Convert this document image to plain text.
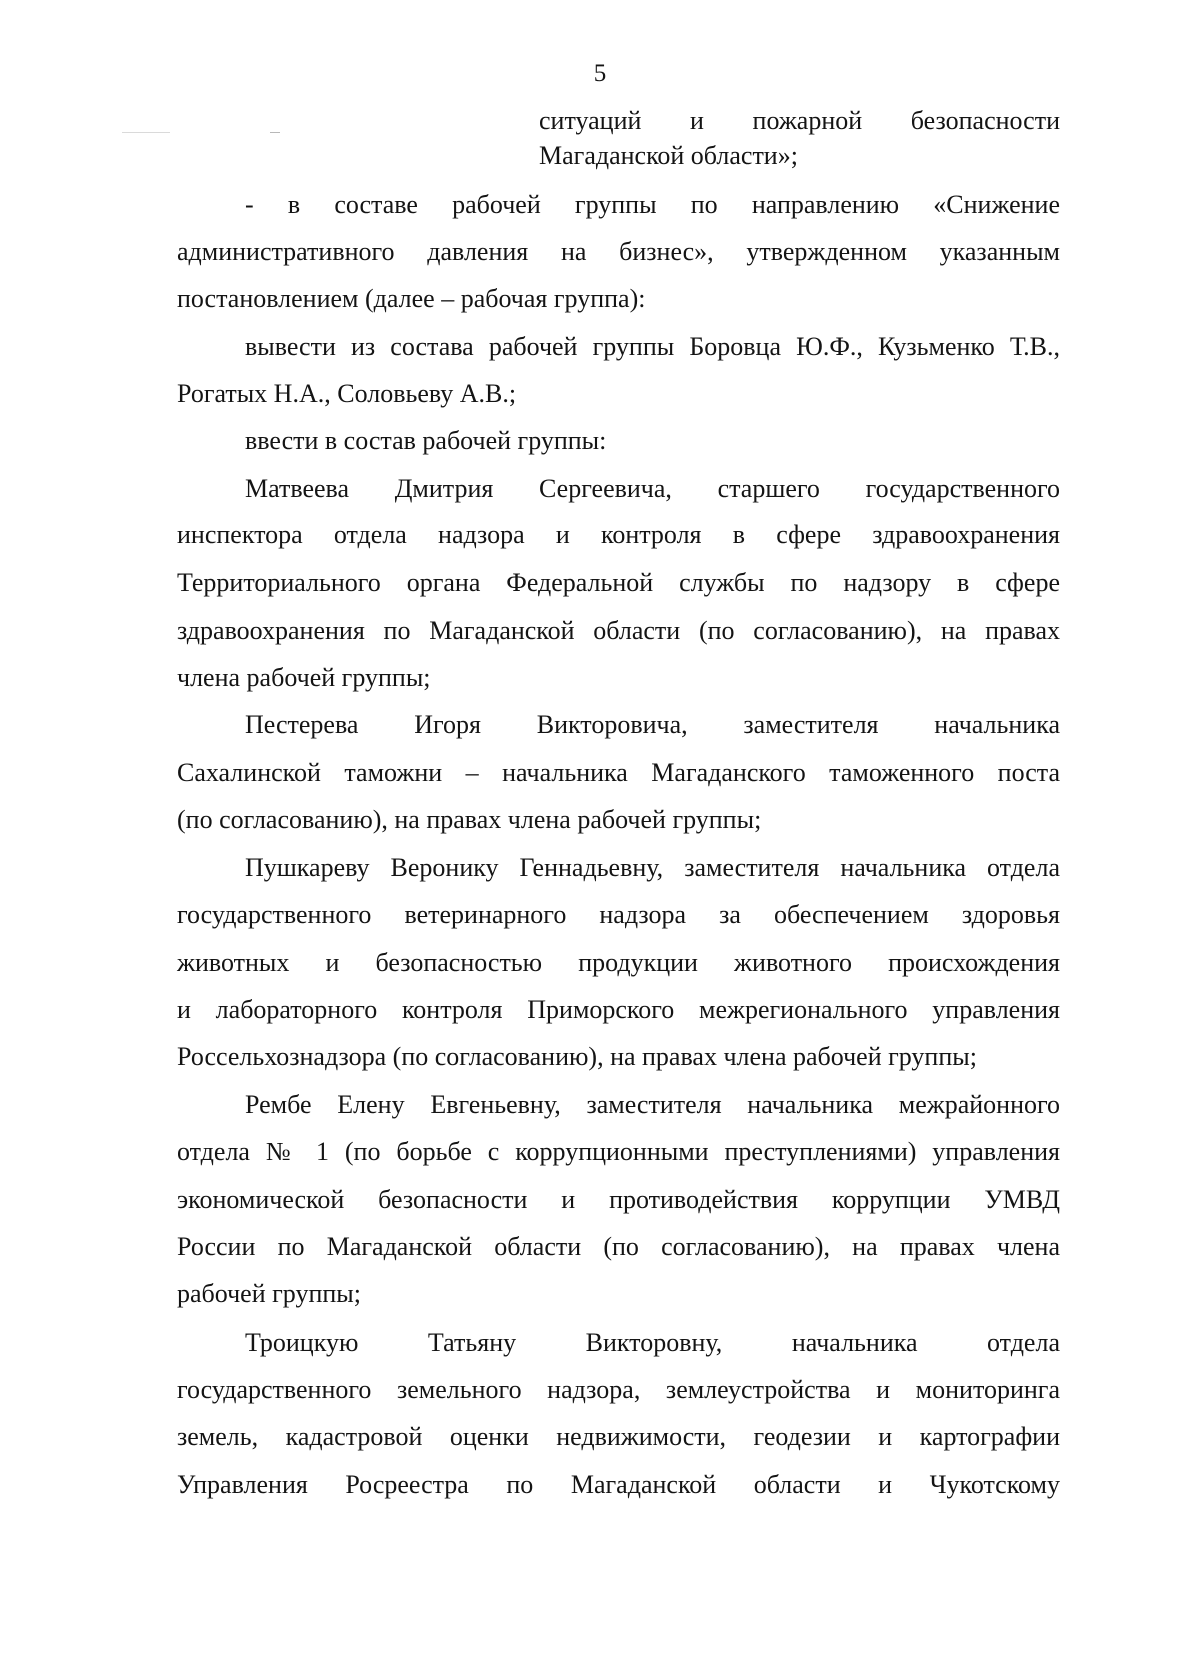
5
ситуаций и пожарной безопасности
Магаданской области»;
- в составе рабочей группы по направлению «Снижение
административного давления на бизнес», утвержденном указанным
постановлением (далее – рабочая группа):
вывести из состава рабочей группы Боровца Ю.Ф., Кузьменко Т.В.,
Рогатых Н.А., Соловьеву А.В.;
ввести в состав рабочей группы:
Матвеева Дмитрия Сергеевича, старшего государственного
инспектора отдела надзора и контроля в сфере здравоохранения
Территориального органа Федеральной службы по надзору в сфере
здравоохранения по Магаданской области (по согласованию), на правах
члена рабочей группы;
Пестерева Игоря Викторовича, заместителя начальника
Сахалинской таможни – начальника Магаданского таможенного поста
(по согласованию), на правах члена рабочей группы;
Пушкареву Веронику Геннадьевну, заместителя начальника отдела
государственного ветеринарного надзора за обеспечением здоровья
животных и безопасностью продукции животного происхождения
и лабораторного контроля Приморского межрегионального управления
Россельхознадзора (по согласованию), на правах члена рабочей группы;
Рембе Елену Евгеньевну, заместителя начальника межрайонного
отдела № 1 (по борьбе с коррупционными преступлениями) управления
экономической безопасности и противодействия коррупции УМВД
России по Магаданской области (по согласованию), на правах члена
рабочей группы;
Троицкую Татьяну Викторовну, начальника отдела
государственного земельного надзора, землеустройства и мониторинга
земель, кадастровой оценки недвижимости, геодезии и картографии
Управления Росреестра по Магаданской области и Чукотскому
